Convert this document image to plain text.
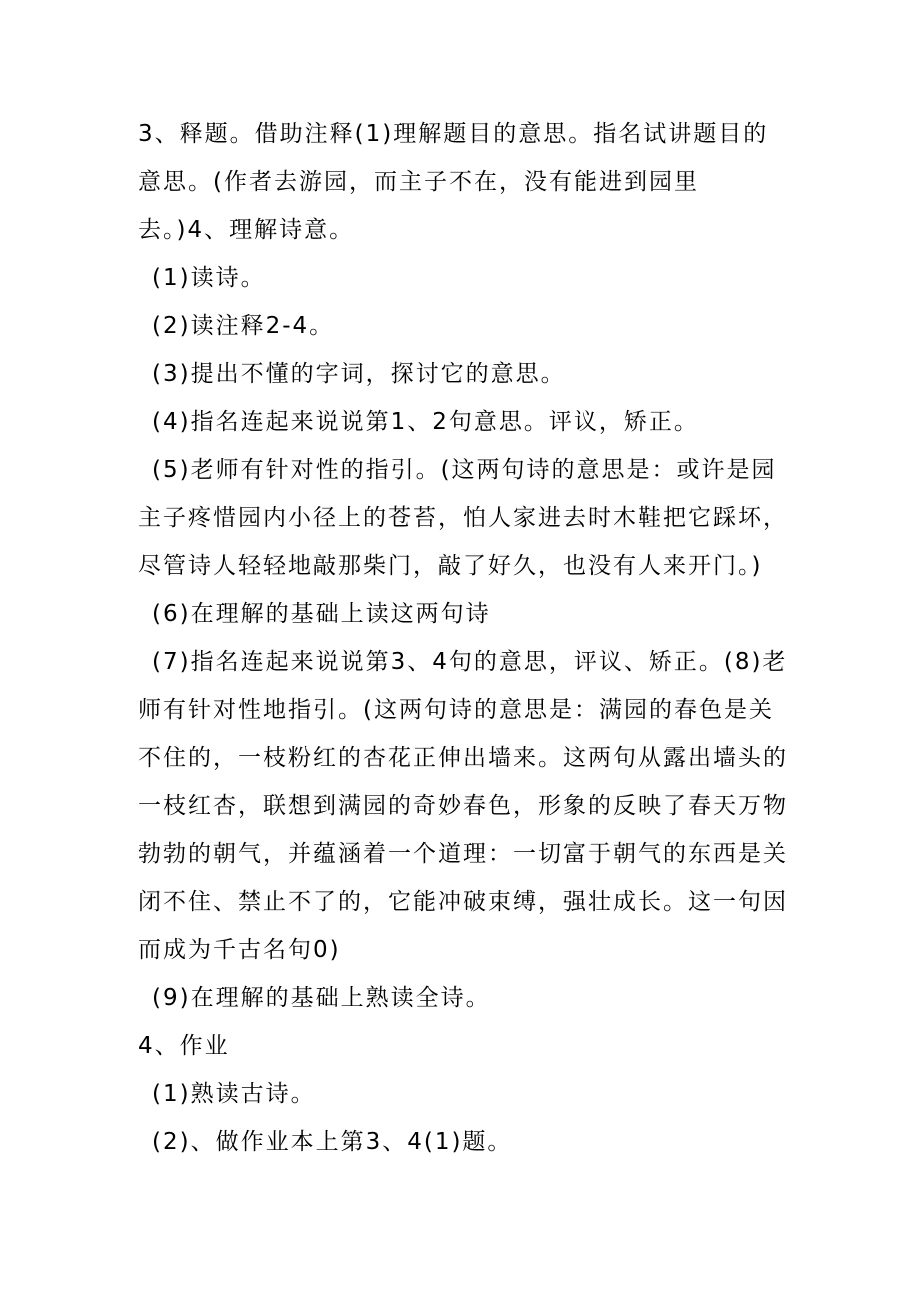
3、释题。借助注释(1)理解题目的意思。指名试讲题目的意思。(作者去游园，而主子不在，没有能进到园里去。)4、理解诗意。

(1)读诗。

(2)读注释2-4。

(3)提出不懂的字词，探讨它的意思。

(4)指名连起来说说第1、2句意思。评议，矫正。

(5)老师有针对性的指引。(这两句诗的意思是：或许是园主子疼惜园内小径上的苍苔，怕人家进去时木鞋把它踩坏，尽管诗人轻轻地敲那柴门，敲了好久，也没有人来开门。)

(6)在理解的基础上读这两句诗

(7)指名连起来说说第3、4句的意思，评议、矫正。(8)老师有针对性地指引。(这两句诗的意思是：满园的春色是关不住的，一枝粉红的杏花正伸出墙来。这两句从露出墙头的一枝红杏，联想到满园的奇妙春色，形象的反映了春天万物勃勃的朝气，并蕴涵着一个道理：一切富于朝气的东西是关闭不住、禁止不了的，它能冲破束缚，强壮成长。这一句因而成为千古名句0)

(9)在理解的基础上熟读全诗。

4、作业

(1)熟读古诗。

(2)、做作业本上第3、4(1)题。
